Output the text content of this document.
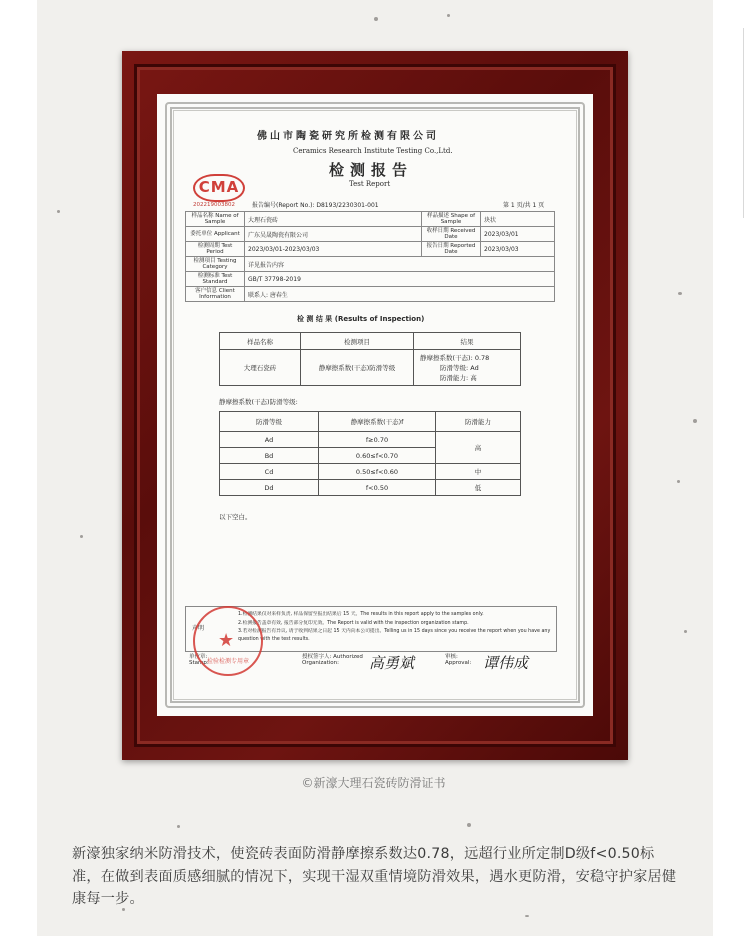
佛山市陶瓷研究所检测有限公司
Ceramics Research Institute Testing Co.,Ltd.
检测报告
Test Report
CMA
202219003802	报告编号(Report No.): D8193/2230301-001	第 1 页/共 1 页
样品名称 Name of Sample	大理石瓷砖	样品描述 Shape of Sample	块状
委托单位 Applicant	广东吴晟陶瓷有限公司	收样日期 Received Date	2023/03/01
检测周期 Test Period	2023/03/01-2023/03/03	报告日期 Reported Date	2023/03/03
检测项目 Testing Category	详见报告内容		
检测标准 Test Standard	GB/T 37798-2019		
客户信息 Client Information	联系人: 唐春生		
检 测 结 果 (Results of Inspection)
样品名称	检测项目	结果
大理石瓷砖	静摩擦系数(干态)防滑等级	静摩擦系数(干态): 0.78
防滑等级: Ad
防滑能力: 高
静摩擦系数(干态)防滑等级:
防滑等级	静摩擦系数(干态)f	防滑能力
Ad	f≥0.70	高
Bd	0.60≤f<0.70	
Cd	0.50≤f<0.60	中
Dd	f<0.50	低
以下空白。
声明
1.检测结果仅对来样负责, 样品保留至报出结果后 15 天。The results in this report apply to the samples only.
2.检测报告盖章有效, 报告部分复印无效。The Report is valid with the inspection organization stamp.
3.若对检测报告有异议, 请于收到结果之日起 15 天内向本公司提出。Telling us in 15 days since you receive the report when you have any question with the test results.
单位章: Stamp:
★
检验检测专用章
授权签字人: Authorized Organization:	高勇斌	审核: Approval: 谭伟成
©新濠大理石瓷砖防滑证书
新濠独家纳米防滑技术，使瓷砖表面防滑静摩擦系数达0.78，远超行业所定制D级f<0.50标准，在做到表面质感细腻的情况下，实现干湿双重情境防滑效果，遇水更防滑，安稳守护家居健康每一步。
